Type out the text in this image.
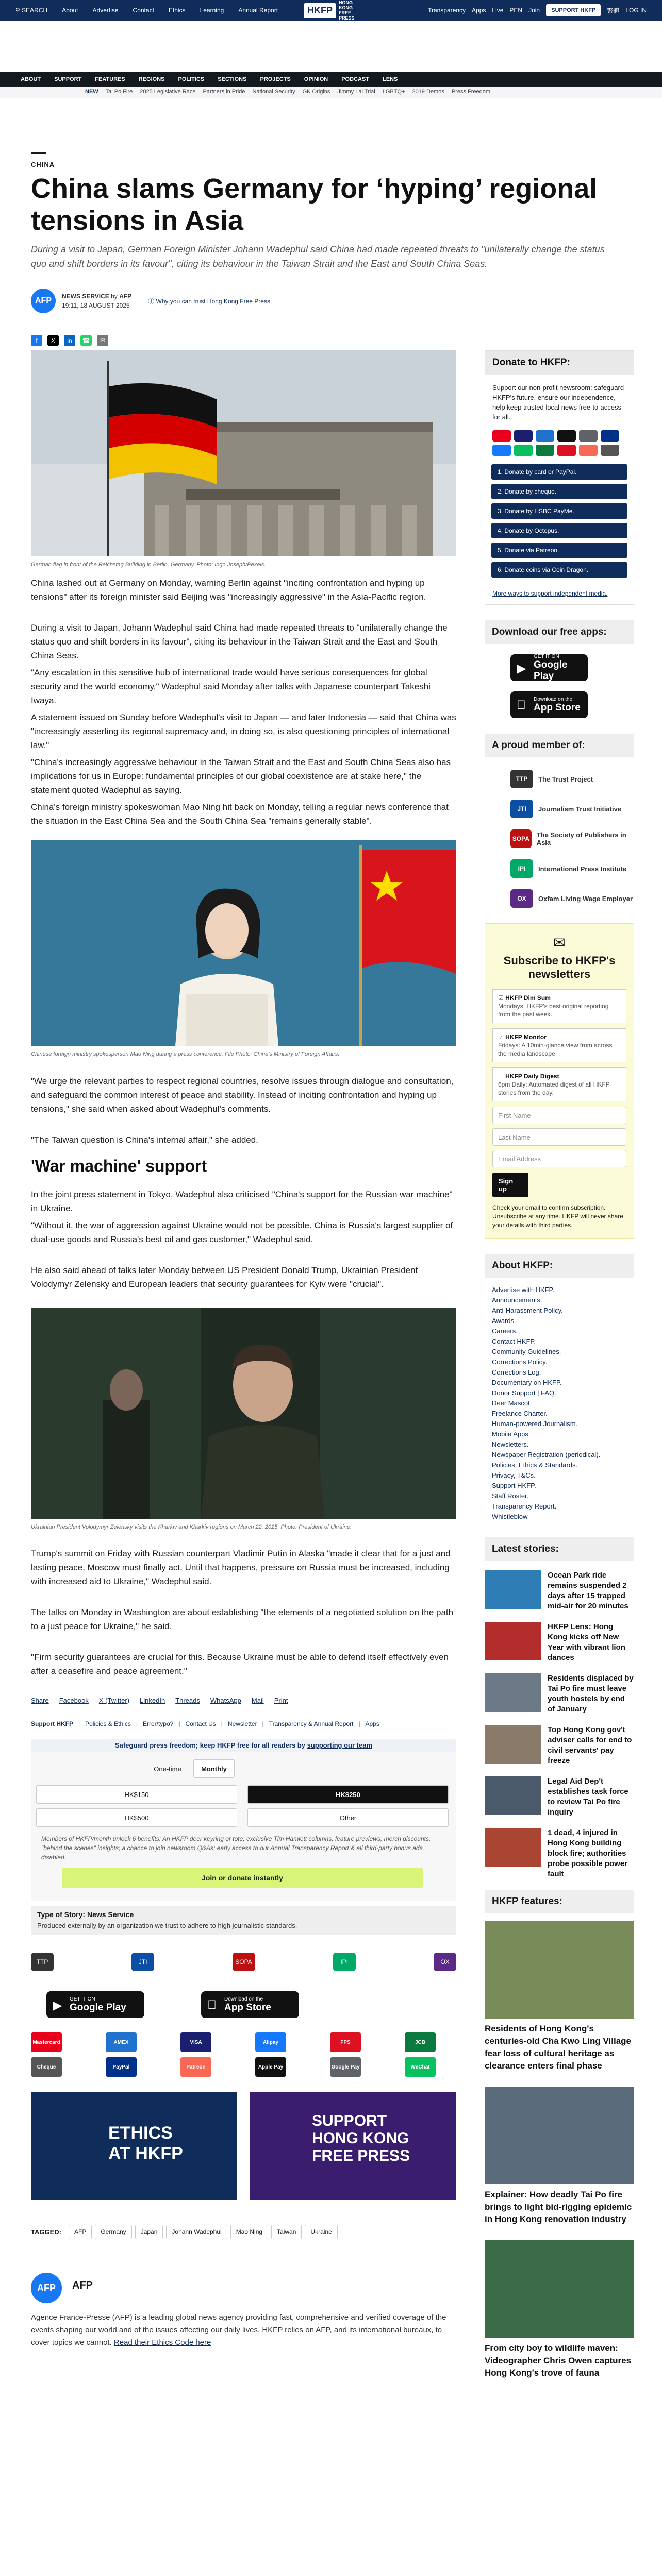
⚲ SEARCH About Advertise Contact Ethics Learning Annual Report	HKFP
HONG KONG
FREE PRESS
Transparency Apps Live PEN Join	SUPPORT HKFP	繁體 LOG IN
ABOUT SUPPORT FEATURES REGIONS POLITICS SECTIONS PROJECTS OPINION PODCAST LENS
NEW Tai Po Fire 2025 Legislative Race Partners in Pride National Security GK Origins Jimmy Lai Trial LGBTQ+ 2019 Demos Press Freedom
CHINA
China slams Germany for ‘hyping’ regional tensions in Asia

During a visit to Japan, German Foreign Minister Johann Wadephul said China had made repeated threats to "unilaterally change the status quo and shift borders in its favour", citing its behaviour in the Taiwan Strait and the East and South China Seas.

AFP	NEWS SERVICE by AFP
19:11, 18 AUGUST 2025
ⓘ Why you can trust Hong Kong Free Press
f	X	in	☎	✉
German flag in front of the Reichstag Building in Berlin, Germany. Photo: Ingo Joseph/Pexels.

China lashed out at Germany on Monday, warning Berlin against "inciting confrontation and hyping up tensions" after its foreign minister said Beijing was "increasingly aggressive" in the Asia-Pacific region.

During a visit to Japan, Johann Wadephul said China had made repeated threats to "unilaterally change the status quo and shift borders in its favour", citing its behaviour in the Taiwan Strait and the East and South China Seas.

"Any escalation in this sensitive hub of international trade would have serious consequences for global security and the world economy," Wadephul said Monday after talks with Japanese counterpart Takeshi Iwaya.

A statement issued on Sunday before Wadephul's visit to Japan — and later Indonesia — said that China was "increasingly asserting its regional supremacy and, in doing so, is also questioning principles of international law."

"China's increasingly aggressive behaviour in the Taiwan Strait and the East and South China Seas also has implications for us in Europe: fundamental principles of our global coexistence are at stake here," the statement quoted Wadephul as saying.

China's foreign ministry spokeswoman Mao Ning hit back on Monday, telling a regular news conference that the situation in the East China Sea and the South China Sea "remains generally stable".

Chinese foreign ministry spokesperson Mao Ning during a press conference. File Photo: China's Ministry of Foreign Affairs.

"We urge the relevant parties to respect regional countries, resolve issues through dialogue and consultation, and safeguard the common interest of peace and stability. Instead of inciting confrontation and hyping up tensions," she said when asked about Wadephul's comments.

"The Taiwan question is China's internal affair," she added.

'War machine' support

In the joint press statement in Tokyo, Wadephul also criticised "China's support for the Russian war machine" in Ukraine.

"Without it, the war of aggression against Ukraine would not be possible. China is Russia's largest supplier of dual-use goods and Russia's best oil and gas customer," Wadephul said.

He also said ahead of talks later Monday between US President Donald Trump, Ukrainian President Volodymyr Zelensky and European leaders that security guarantees for Kyiv were "crucial".

Ukrainian President Volodymyr Zelensky visits the Kharkiv and Kharkiv regions on March 22, 2025. Photo: President of Ukraine.

Trump's summit on Friday with Russian counterpart Vladimir Putin in Alaska "made it clear that for a just and lasting peace, Moscow must finally act. Until that happens, pressure on Russia must be increased, including with increased aid to Ukraine," Wadephul said.

The talks on Monday in Washington are about establishing "the elements of a negotiated solution on the path to a just peace for Ukraine," he said.

"Firm security guarantees are crucial for this. Because Ukraine must be able to defend itself effectively even after a ceasefire and peace agreement."

Share Facebook X (Twitter) LinkedIn Threads WhatsApp Mail Print
Support HKFP | Policies & Ethics | Error/typo? | Contact Us | Newsletter | Transparency & Annual Report | Apps
Safeguard press freedom; keep HKFP free for all readers by
supporting our team
One-time	Monthly
HK$150	HK$250
HK$500	Other

Members of HKFP/month unlock 6 benefits: An HKFP deer keyring or tote; exclusive Tim Hamlett columns, feature previews, merch discounts, "behind the scenes" insights; a chance to join newsroom Q&As; early access to our Annual Transparency Report & all third-party bonus ads disabled.

Join or donate instantly
Type of Story: News Service
Produced externally by an organization we trust to adhere to high journalistic standards.
TTP	JTI	SOPA	IPI	OX
▶ GET IT ON
Google Play
Download on the
App Store
Mastercard	AMEX	VISA	Alipay	FPS	JCB
Cheque	PayPal	Patreon	Apple Pay	Google Pay	WeChat
ETHICS
AT HKFP
SUPPORT
HONG KONG
FREE PRESS
TAGGED:	AFP	Germany	Japan	Johann Wadephul	Mao Ning	Taiwan	Ukraine
AFP	AFP

Agence France-Presse (AFP) is a leading global news agency providing fast, comprehensive and verified coverage of the events shaping our world and of the issues affecting our daily lives. HKFP relies on AFP, and its international bureaux, to cover topics we cannot. Read their Ethics Code here

Donate to HKFP:

Support our non-profit newsroom: safeguard HKFP's future, ensure our independence, help keep trusted local news free-to-access for all.

1. Donate by card or PayPal.
2. Donate by cheque.
3. Donate by HSBC PayMe.
4. Donate by Octopus.
5. Donate via Patreon.
6. Donate coins via Coin Dragon.
More ways to support independent media.
Download our free apps:
▶
GET IT ON
Google Play
Download on the
App Store
A proud member of:
TTP	The Trust Project
JTI	Journalism Trust Initiative
SOPA The Society of Publishers in Asia
IPI	International Press Institute
OX	Oxfam Living Wage Employer
✉
Subscribe to HKFP's newsletters
☑ HKFP Dim Sum
Mondays: HKFP's best original reporting from the past week.
☑ HKFP Monitor
Fridays: A 10min-glance view from across the media landscape.
☐ HKFP Daily Digest
6pm Daily: Automated digest of all HKFP stories from the day.
First Name
Last Name
Email Address
Sign up

Check your email to confirm subscription. Unsubscribe at any time. HKFP will never share your details with third parties.

About HKFP:
Advertise with HKFP.
Announcements.
Anti-Harassment Policy.
Awards.
Careers.
Contact HKFP.
Community Guidelines.
Corrections Policy.
Corrections Log.
Documentary on HKFP.
Donor Support | FAQ.
Deer Mascot.
Freelance Charter.
Human-powered Journalism.
Mobile Apps.
Newsletters.
Newspaper Registration (periodical).
Policies, Ethics & Standards.
Privacy, T&Cs.
Support HKFP.
Staff Roster.
Transparency Report.
Whistleblow.
Latest stories:
Ocean Park ride remains suspended 2 days after 15 trapped mid-air for 20 minutes
HKFP Lens: Hong Kong kicks off New Year with vibrant lion dances
Residents displaced by Tai Po fire must leave youth hostels by end of January
Top Hong Kong gov't adviser calls for end to civil servants' pay freeze
Legal Aid Dep't establishes task force to review Tai Po fire inquiry
1 dead, 4 injured in Hong Kong building block fire; authorities probe possible power fault
HKFP features:
Residents of Hong Kong's centuries-old Cha Kwo Ling Village fear loss of cultural heritage as clearance enters final phase
Explainer: How deadly Tai Po fire brings to light bid-rigging epidemic in Hong Kong renovation industry
From city boy to wildlife maven: Videographer Chris Owen captures Hong Kong's trove of fauna
